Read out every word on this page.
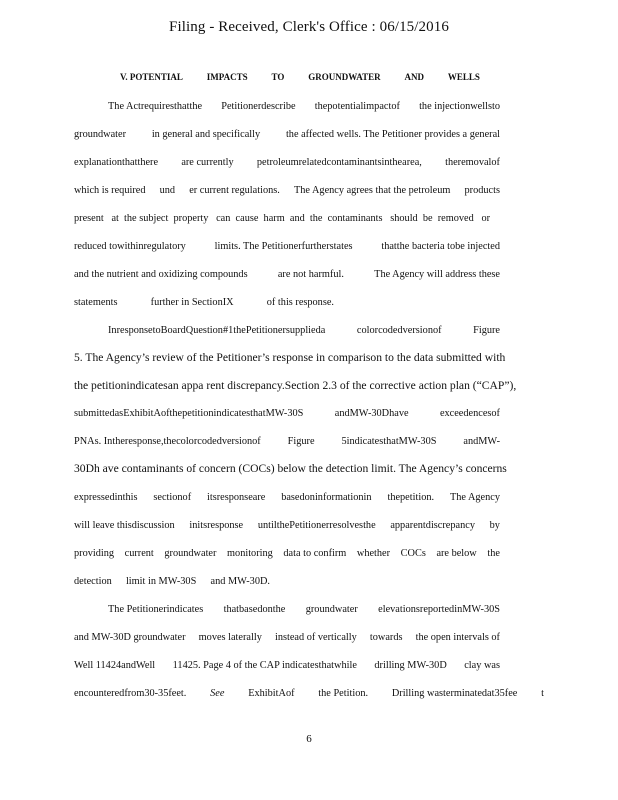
Filing - Received, Clerk's Office : 06/15/2016
V. POTENTIAL	IMPACTS	TO	GROUNDWATER	AND	WELLS
The Actrequiresthatthe Petitionerdescribe thepotentialimpactof the injectionwellsto
groundwater	in general and specifically	the affected wells. The Petitioner provides a general
explanationthatthere are currently petroleumrelatedcontaminantsinthearea, theremovalof
which is required und er current regulations. The Agency agrees that the petroleum products
present   at  the subject  property   can  cause  harm  and  the  contaminants   should  be  removed   or
reduced towithinregulatory	limits. The Petitionerfurtherstates	thatthe bacteria tobe injected
and the nutrient and oxidizing compounds	are not harmful.	The Agency will address these
statements	further in SectionIX	of this response.
InresponsetoBoardQuestion#1thePetitionersupplieda	colorcodedversionof	Figure
5. The Agency’s review of the Petitioner’s response in comparison to the data submitted with
the petition indicates an appa rent discrepancy. Section 2.3 of the corrective action plan (“CAP”),
submittedasExhibitAofthepetitionindicatesthatMW-30S	andMW-30Dhave	exceedencesof
PNAs. Intheresponse,thecolorcodedversionof	Figure	5indicatesthatMW-30S	andMW-
30Dh ave contaminants of concern (COCs) below the detection limit. The Agency’s concerns
expressedinthis sectionof itsresponseare basedoninformationin thepetition. The Agency
will leave thisdiscussion initsresponse untilthePetitionerresolvesthe apparentdiscrepancy by
providing current groundwater monitoring data to confirm whether COCs are below the
detection limit in MW-30S and MW-30D.
The Petitionerindicates thatbasedonthe groundwater elevationsreportedinMW-30S
and MW-30D groundwater moves laterally instead of vertically towards the open intervals of
Well 11424andWell 11425. Page 4 of the CAP indicatesthatwhile drilling MW-30D clay was
encounteredfrom30-35feet. See ExhibitAof the Petition. Drilling wasterminatedat35fee t
6
